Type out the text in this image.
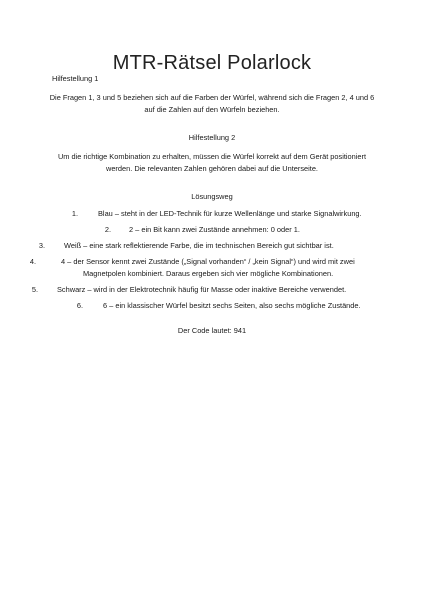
MTR-Rätsel Polarlock
Hilfestellung 1
Die Fragen 1, 3 und 5 beziehen sich auf die Farben der Würfel, während sich die Fragen 2, 4 und 6 auf die Zahlen auf den Würfeln beziehen.
Hilfestellung 2
Um die richtige Kombination zu erhalten, müssen die Würfel korrekt auf dem Gerät positioniert werden. Die relevanten Zahlen gehören dabei auf die Unterseite.
Lösungsweg
1.	Blau – steht in der LED-Technik für kurze Wellenlänge und starke Signalwirkung.
2. 2 – ein Bit kann zwei Zustände annehmen: 0 oder 1.
3.	Weiß – eine stark reflektierende Farbe, die im technischen Bereich gut sichtbar ist.
4.	4 – der Sensor kennt zwei Zustände („Signal vorhanden“ / „kein Signal“) und wird mit zwei
Magnetpolen kombiniert. Daraus ergeben sich vier mögliche Kombinationen.
5.	Schwarz – wird in der Elektrotechnik häufig für Masse oder inaktive Bereiche verwendet.
6.	6 – ein klassischer Würfel besitzt sechs Seiten, also sechs mögliche Zustände.
Der Code lautet: 941
